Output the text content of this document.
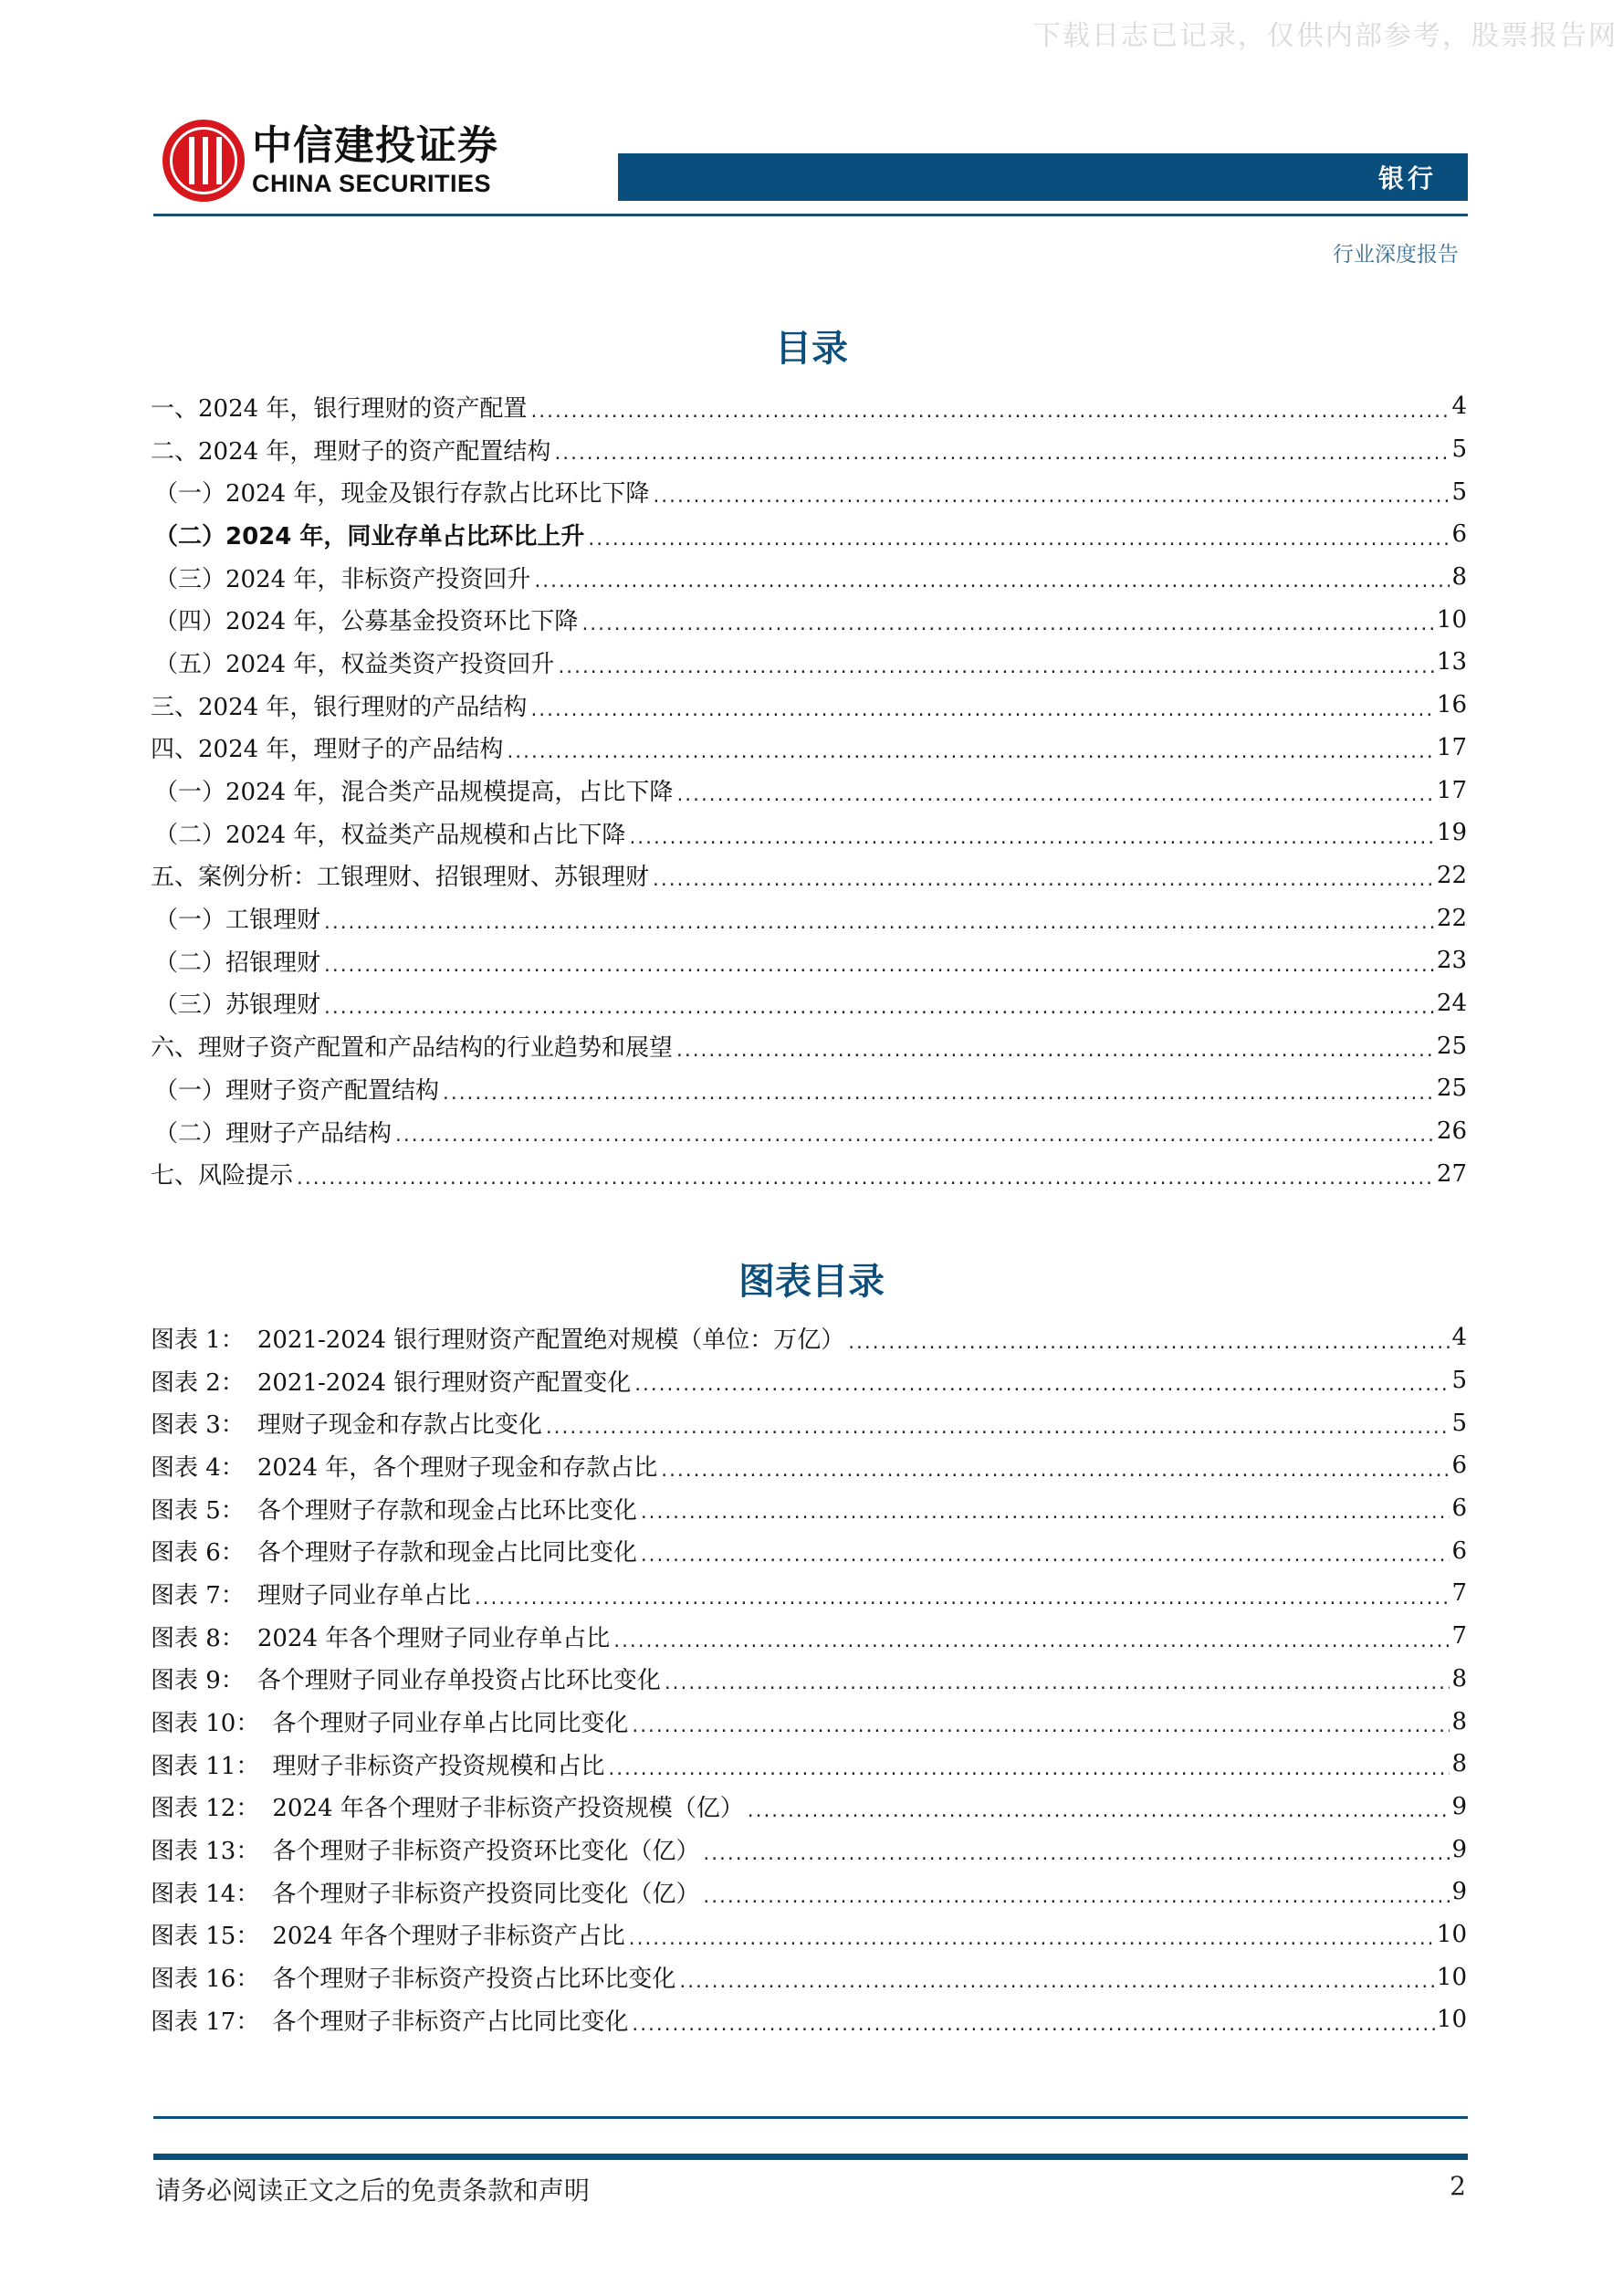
下载日志已记录，仅供内部参考，股票报告网
中信建投证券
CHINA SECURITIES	银行
行业深度报告
目录
一、2024 年，银行理财的资产配置 .....	4
二、2024 年，理财子的资产配置结构 .....	5
（一）2024 年，现金及银行存款占比环比下降 .....	5
（二）2024 年，同业存单占比环比上升 .....	6
（三）2024 年，非标资产投资回升 .....	8
（四）2024 年，公募基金投资环比下降 .....	10
（五）2024 年，权益类资产投资回升 .....	13
三、2024 年，银行理财的产品结构 .....	16
四、2024 年，理财子的产品结构 .....	17
（一）2024 年，混合类产品规模提高，占比下降 .....	17
（二）2024 年，权益类产品规模和占比下降 .....	19
五、案例分析：工银理财、招银理财、苏银理财 .....	22
（一）工银理财 .....	22
（二）招银理财 .....	23
（三）苏银理财 .....	24
六、理财子资产配置和产品结构的行业趋势和展望 .....	25
（一）理财子资产配置结构 .....	25
（二）理财子产品结构 .....	26
七、风险提示 .....	27
图表目录
图表 1： 2021-2024 银行理财资产配置绝对规模（单位：万亿） .....	4
图表 2： 2021-2024 银行理财资产配置变化 .....	5
图表 3： 理财子现金和存款占比变化 .....	5
图表 4： 2024 年，各个理财子现金和存款占比 .....	6
图表 5： 各个理财子存款和现金占比环比变化 .....	6
图表 6： 各个理财子存款和现金占比同比变化 .....	6
图表 7： 理财子同业存单占比 .....	7
图表 8： 2024 年各个理财子同业存单占比 .....	7
图表 9： 各个理财子同业存单投资占比环比变化 .....	8
图表 10： 各个理财子同业存单占比同比变化 .....	8
图表 11： 理财子非标资产投资规模和占比 .....	8
图表 12： 2024 年各个理财子非标资产投资规模（亿） .....	9
图表 13： 各个理财子非标资产投资环比变化（亿） .....	9
图表 14： 各个理财子非标资产投资同比变化（亿） .....	9
图表 15： 2024 年各个理财子非标资产占比 .....	10
图表 16： 各个理财子非标资产投资占比环比变化 .....	10
图表 17： 各个理财子非标资产占比同比变化 .....	10
请务必阅读正文之后的免责条款和声明	2
